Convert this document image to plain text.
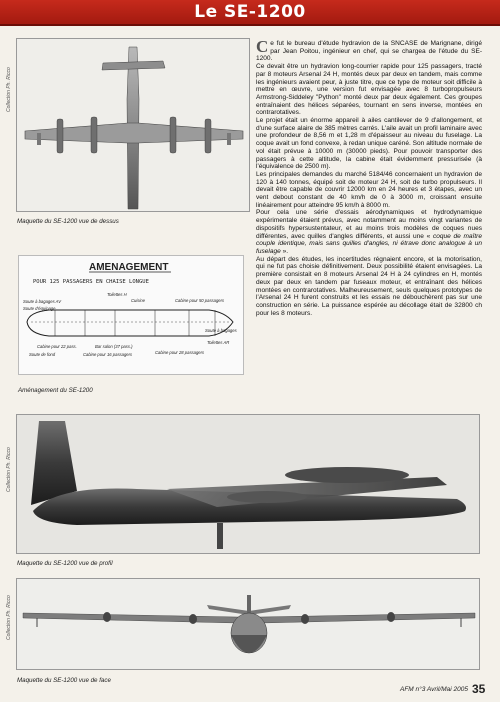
Le SE-1200
Collection Ph. Ricco
Maquette du SE-1200 vue de dessus
AMENAGEMENT
POUR 125 PASSAGERS EN CHAISE LONGUE
Toilettes H
Soute à bagages AV	Cuisine	Cabine pour 50 passagers
Soute d'équipage
Cabine pour 22 pass.
Soute de fond
Bar salon (37 pass.)
Cabine pour 16 passagers	Cabine pour 28 passagers
Toilettes AR
Soute à bagages
Aménagement du SE-1200
Collection Ph. Ricco
Maquette du SE-1200 vue de profil
Collection Ph. Ricco
Maquette du SE-1200 vue de face

Ce fut le bureau d'étude hydravion de la SNCASE de Marignane, dirigé par Jean Poitou, ingénieur en chef, qui se chargea de l'étude du SE-1200.

Ce devait être un hydravion long-courrier rapide pour 125 passagers, tracté par 8 moteurs Arsenal 24 H, montés deux par deux en tandem, mais comme les ingénieurs avaient peur, à juste titre, que ce type de moteur soit difficile à mettre en œuvre, une version fut envisagée avec 8 turbopropulseurs Armstrong-Siddeley "Python" monté deux par deux également. Ces groupes entraînaient des hélices séparées, tournant en sens inverse, montées en contrarotatives.

Le projet était un énorme appareil à ailes cantilever de 9 d'allongement, et d'une surface alaire de 385 mètres carrés. L'aile avait un profil laminaire avec une profondeur de 8,56 m et 1,28 m d'épaisseur au niveau du fuselage. La coque avait un fond convexe, à redan unique caréné. Son altitude normale de vol était prévue à 10000 m (30000 pieds). Pour pouvoir transporter des passagers à cette altitude, la cabine était évidemment pressurisée (à l'équivalence de 2500 m).

Les principales demandes du marché 5184/46 concernaient un hydravion de 120 à 140 tonnes, équipé soit de moteur 24 H, soit de turbo propulseurs. Il devait être capable de couvrir 12000 km en 24 heures et 3 étapes, avec un vent debout constant de 40 km/h de 0 à 3000 m, croissant ensuite linéairement pour atteindre 95 km/h à 8000 m.

Pour cela une série d'essais aérodynamiques et hydrodynamique expérimentale étaient prévus, avec notamment au moins vingt variantes de dispositifs hypersustentateur, et au moins trois modèles de coques nues différentes, avec quilles d'angles différents, et aussi une « coque de maître couple identique, mais sans quilles d'angles, ni étrave donc analogue à un fuselage ».

Au départ des études, les incertitudes régnaient encore, et la motorisation, qui ne fut pas choisie définitivement. Deux possibilité étaient envisagées. La première consistait en 8 moteurs Arsenal 24 H à 24 cylindres en H, montés deux par deux en tandem par fuseaux moteur, et entraînant des hélices montées en contrarotatives. Malheureusement, seuls quelques prototypes de l'Arsenal 24 H furent construits et les essais ne débouchèrent pas sur une construction en série. La puissance espérée au décollage était de 32800 ch pour les 8 moteurs.

AFM n°3 Avril/Mai 2005 35
